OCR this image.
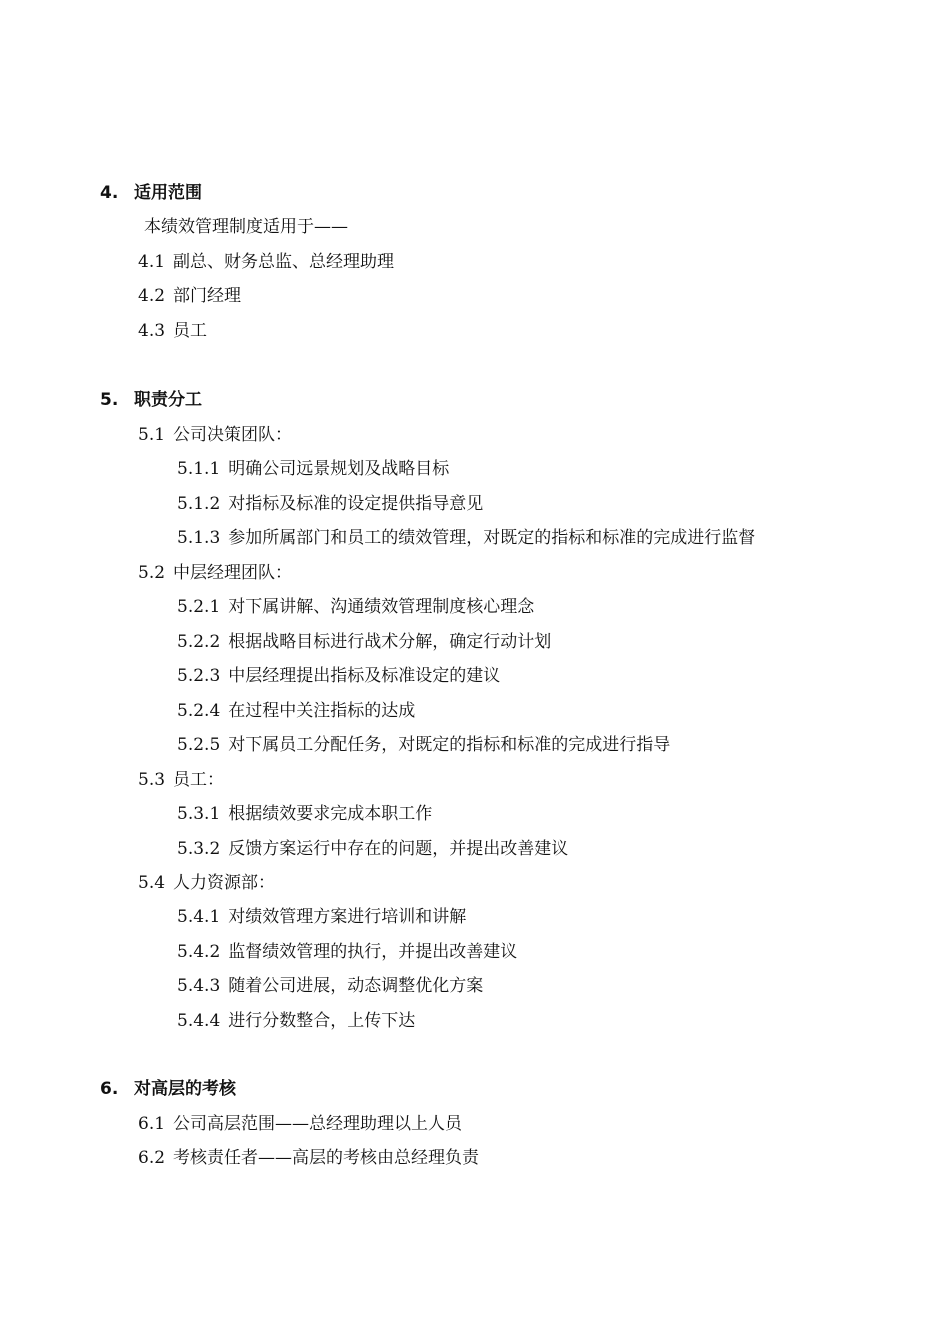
4. 适用范围
本绩效管理制度适用于——
4.1 副总、财务总监、总经理助理
4.2 部门经理
4.3 员工
5. 职责分工
5.1 公司决策团队：
5.1.1 明确公司远景规划及战略目标
5.1.2 对指标及标准的设定提供指导意见
5.1.3 参加所属部门和员工的绩效管理，对既定的指标和标准的完成进行监督
5.2 中层经理团队：
5.2.1 对下属讲解、沟通绩效管理制度核心理念
5.2.2 根据战略目标进行战术分解，确定行动计划
5.2.3 中层经理提出指标及标准设定的建议
5.2.4 在过程中关注指标的达成
5.2.5 对下属员工分配任务，对既定的指标和标准的完成进行指导
5.3 员工：
5.3.1 根据绩效要求完成本职工作
5.3.2 反馈方案运行中存在的问题，并提出改善建议
5.4 人力资源部：
5.4.1 对绩效管理方案进行培训和讲解
5.4.2 监督绩效管理的执行，并提出改善建议
5.4.3 随着公司进展，动态调整优化方案
5.4.4 进行分数整合，上传下达
6. 对高层的考核
6.1 公司高层范围——总经理助理以上人员
6.2 考核责任者——高层的考核由总经理负责
